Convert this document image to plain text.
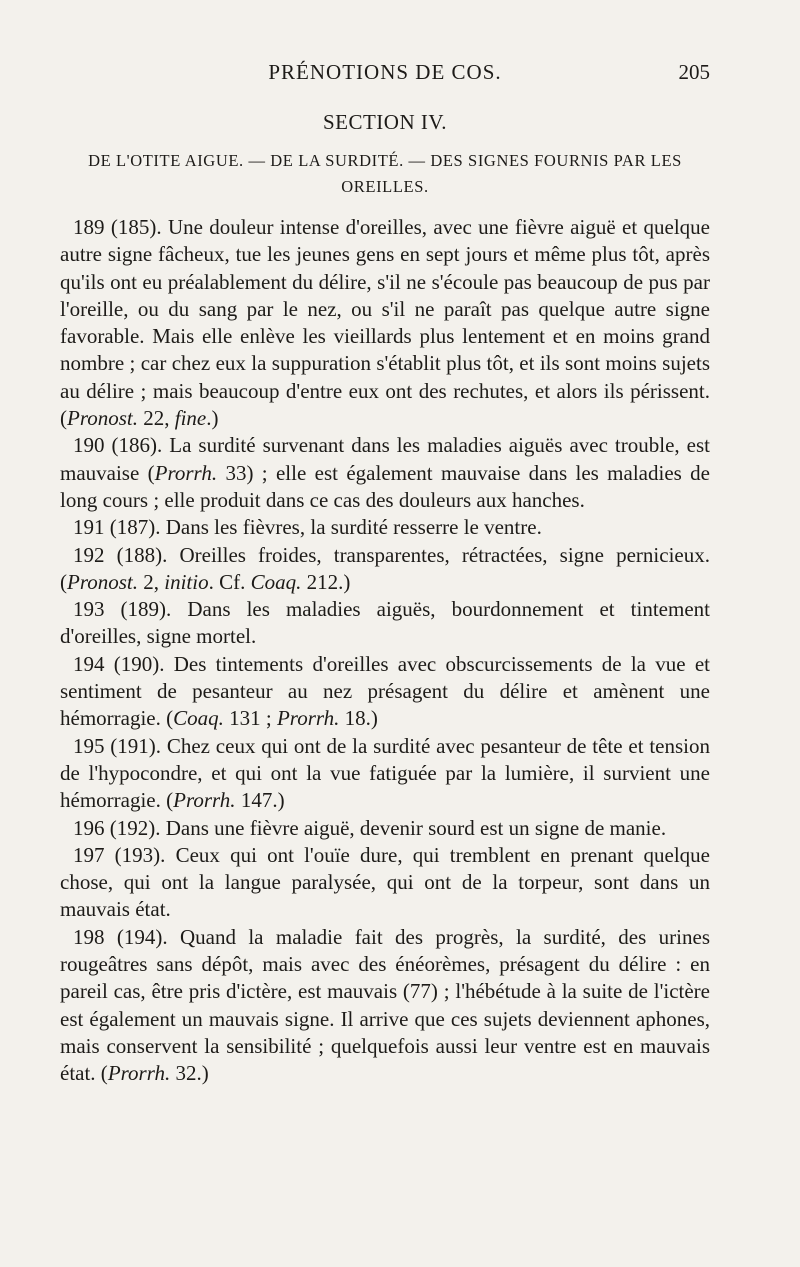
PRÉNOTIONS DE COS.	205
SECTION IV.
DE L'OTITE AIGUE. — DE LA SURDITÉ. — DES SIGNES FOURNIS PAR LES OREILLES.

189 (185). Une douleur intense d'oreilles, avec une fièvre aiguë et quelque autre signe fâcheux, tue les jeunes gens en sept jours et même plus tôt, après qu'ils ont eu préalablement du délire, s'il ne s'écoule pas beaucoup de pus par l'oreille, ou du sang par le nez, ou s'il ne paraît pas quelque autre signe favorable. Mais elle enlève les vieillards plus lentement et en moins grand nombre ; car chez eux la suppuration s'établit plus tôt, et ils sont moins sujets au délire ; mais beaucoup d'entre eux ont des rechutes, et alors ils périssent. (Pronost. 22, fine.)

190 (186). La surdité survenant dans les maladies aiguës avec trouble, est mauvaise (Prorrh. 33) ; elle est également mauvaise dans les maladies de long cours ; elle produit dans ce cas des douleurs aux hanches.

191 (187). Dans les fièvres, la surdité resserre le ventre.

192 (188). Oreilles froides, transparentes, rétractées, signe pernicieux. (Pronost. 2, initio. Cf. Coaq. 212.)

193 (189). Dans les maladies aiguës, bourdonnement et tintement d'oreilles, signe mortel.

194 (190). Des tintements d'oreilles avec obscurcissements de la vue et sentiment de pesanteur au nez présagent du délire et amènent une hémorragie. (Coaq. 131 ; Prorrh. 18.)

195 (191). Chez ceux qui ont de la surdité avec pesanteur de tête et tension de l'hypocondre, et qui ont la vue fatiguée par la lumière, il survient une hémorragie. (Prorrh. 147.)

196 (192). Dans une fièvre aiguë, devenir sourd est un signe de manie.

197 (193). Ceux qui ont l'ouïe dure, qui tremblent en prenant quelque chose, qui ont la langue paralysée, qui ont de la torpeur, sont dans un mauvais état.

198 (194). Quand la maladie fait des progrès, la surdité, des urines rougeâtres sans dépôt, mais avec des énéorèmes, présagent du délire : en pareil cas, être pris d'ictère, est mauvais (77) ; l'hébétude à la suite de l'ictère est également un mauvais signe. Il arrive que ces sujets deviennent aphones, mais conservent la sensibilité ; quelquefois aussi leur ventre est en mauvais état. (Prorrh. 32.)
